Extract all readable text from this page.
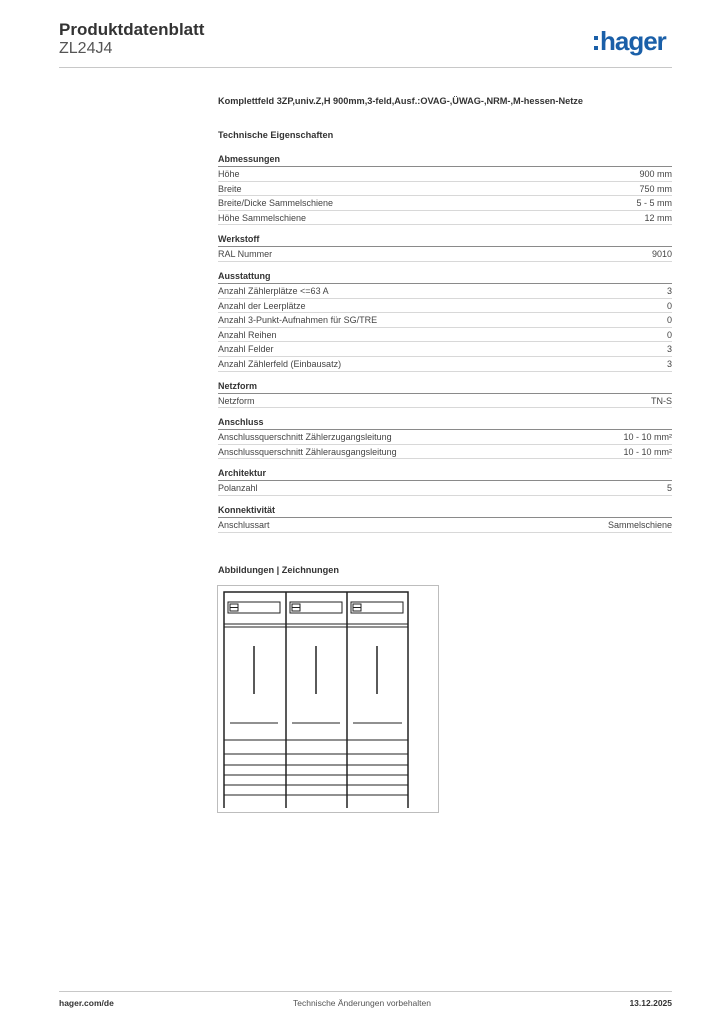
Produktdatenblatt
ZL24J4	hager
Komplettfeld 3ZP,univ.Z,H 900mm,3-feld,Ausf.:OVAG-,ÜWAG-,NRM-,M-hessen-Netze
Technische Eigenschaften
Abmessungen
Höhe	900 mm
Breite	750 mm
Breite/Dicke Sammelschiene	5 - 5 mm
Höhe Sammelschiene	12 mm
Werkstoff
RAL Nummer	9010
Ausstattung
Anzahl Zählerplätze <=63 A	3
Anzahl der Leerplätze	0
Anzahl 3-Punkt-Aufnahmen für SG/TRE	0
Anzahl Reihen	0
Anzahl Felder	3
Anzahl Zählerfeld (Einbausatz)	3
Netzform
Netzform	TN-S
Anschluss
Anschlussquerschnitt Zählerzugangsleitung	10 - 10 mm²
Anschlussquerschnitt Zählerausgangsleitung	10 - 10 mm²
Architektur
Polanzahl	5
Konnektivität
Anschlussart	Sammelschiene
Abbildungen | Zeichnungen
hager.com/de	Technische Änderungen vorbehalten	13.12.2025
